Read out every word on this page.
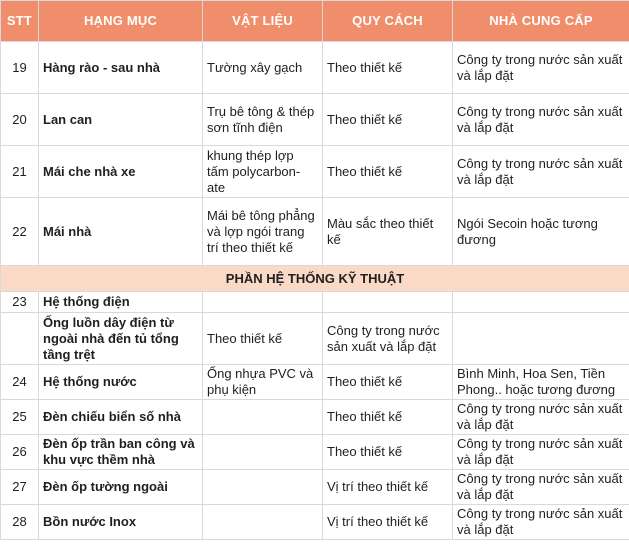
STT	HẠNG MỤC	VẬT LIỆU	QUY CÁCH	NHÀ CUNG CẤP
19	Hàng rào - sau nhà	Tường xây gạch	Theo thiết kế	Công ty trong nước sản xuất và lắp đặt
20	Lan can	Trụ bê tông & thép sơn tĩnh điện	Theo thiết kế	Công ty trong nước sản xuất và lắp đặt
21	Mái che nhà xe	khung thép lợp tấm polycarbon-ate	Theo thiết kế	Công ty trong nước sản xuất và lắp đặt
22	Mái nhà	Mái bê tông phẳng và lợp ngói trang trí theo thiết kế	Màu sắc theo thiết kế	Ngói Secoin hoặc tương đương
PHẦN HỆ THỐNG KỸ THUẬT				
23	Hệ thống điện			
	Ống luồn dây điện từ ngoài nhà đến tủ tổng tầng trệt	Theo thiết kế	Công ty trong nước sản xuất và lắp đặt	
24	Hệ thống nước	Ống nhựa PVC và phụ kiện	Theo thiết kế	Bình Minh, Hoa Sen, Tiền Phong.. hoặc tương đương
25	Đèn chiếu biển số nhà		Theo thiết kế	Công ty trong nước sản xuất và lắp đặt
26	Đèn ốp trần ban công và khu vực thềm nhà		Theo thiết kế	Công ty trong nước sản xuất và lắp đặt
27	Đèn ốp tường ngoài		Vị trí theo thiết kế	Công ty trong nước sản xuất và lắp đặt
28	Bồn nước Inox		Vị trí theo thiết kế	Công ty trong nước sản xuất và lắp đặt
